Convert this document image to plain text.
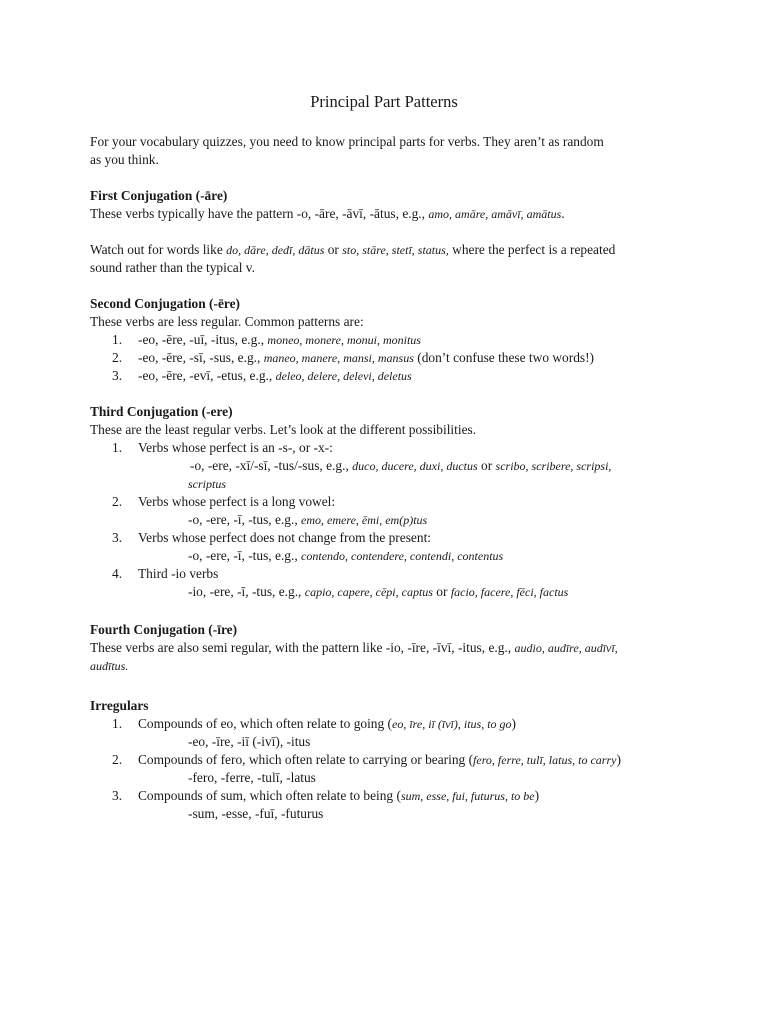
Principal Part Patterns

For your vocabulary quizzes, you need to know principal parts for verbs. They aren’t as random

as you think.

First Conjugation (-āre)

These verbs typically have the pattern -o, -āre, -āvī, -ātus, e.g., amo, amāre, amāvī, amātus.

Watch out for words like do, dāre, dedī, dātus or sto, stāre, stetī, status, where the perfect is a repeated

sound rather than the typical v.

Second Conjugation (-ēre)

These verbs are less regular. Common patterns are:

1. -eo, -ēre, -uī, -itus, e.g., moneo, monere, monui, monitus
2. -eo, -ēre, -sī, -sus, e.g., maneo, manere, mansi, mansus (don’t confuse these two words!)
3. -eo, -ēre, -evī, -etus, e.g., deleo, delere, delevi, deletus

Third Conjugation (-ere)

These are the least regular verbs. Let’s look at the different possibilities.

1. Verbs whose perfect is an -s-, or -x-:
-o, -ere, -xī/-sī, -tus/-sus, e.g., duco, ducere, duxi, ductus or scribo, scribere, scripsi,
scriptus
2. Verbs whose perfect is a long vowel:
-o, -ere, -ī, -tus, e.g., emo, emere, ēmi, em(p)tus
3. Verbs whose perfect does not change from the present:
-o, -ere, -ī, -tus, e.g., contendo, contendere, contendi, contentus
4. Third -io verbs
-io, -ere, -ī, -tus, e.g., capio, capere, cēpi, captus or facio, facere, fēci, factus

Fourth Conjugation (-īre)

These verbs are also semi regular, with the pattern like -io, -īre, -īvī, -itus, e.g., audio, audīre, audīvī,

audītus.

Irregulars

1. Compounds of eo, which often relate to going (eo, īre, iī (īvī), itus, to go)
-eo, -īre, -iī (-ivī), -itus
2. Compounds of fero, which often relate to carrying or bearing (fero, ferre, tulī, latus, to carry)
-fero, -ferre, -tulī, -latus
3. Compounds of sum, which often relate to being (sum, esse, fui, futurus, to be)
-sum, -esse, -fuī, -futurus
